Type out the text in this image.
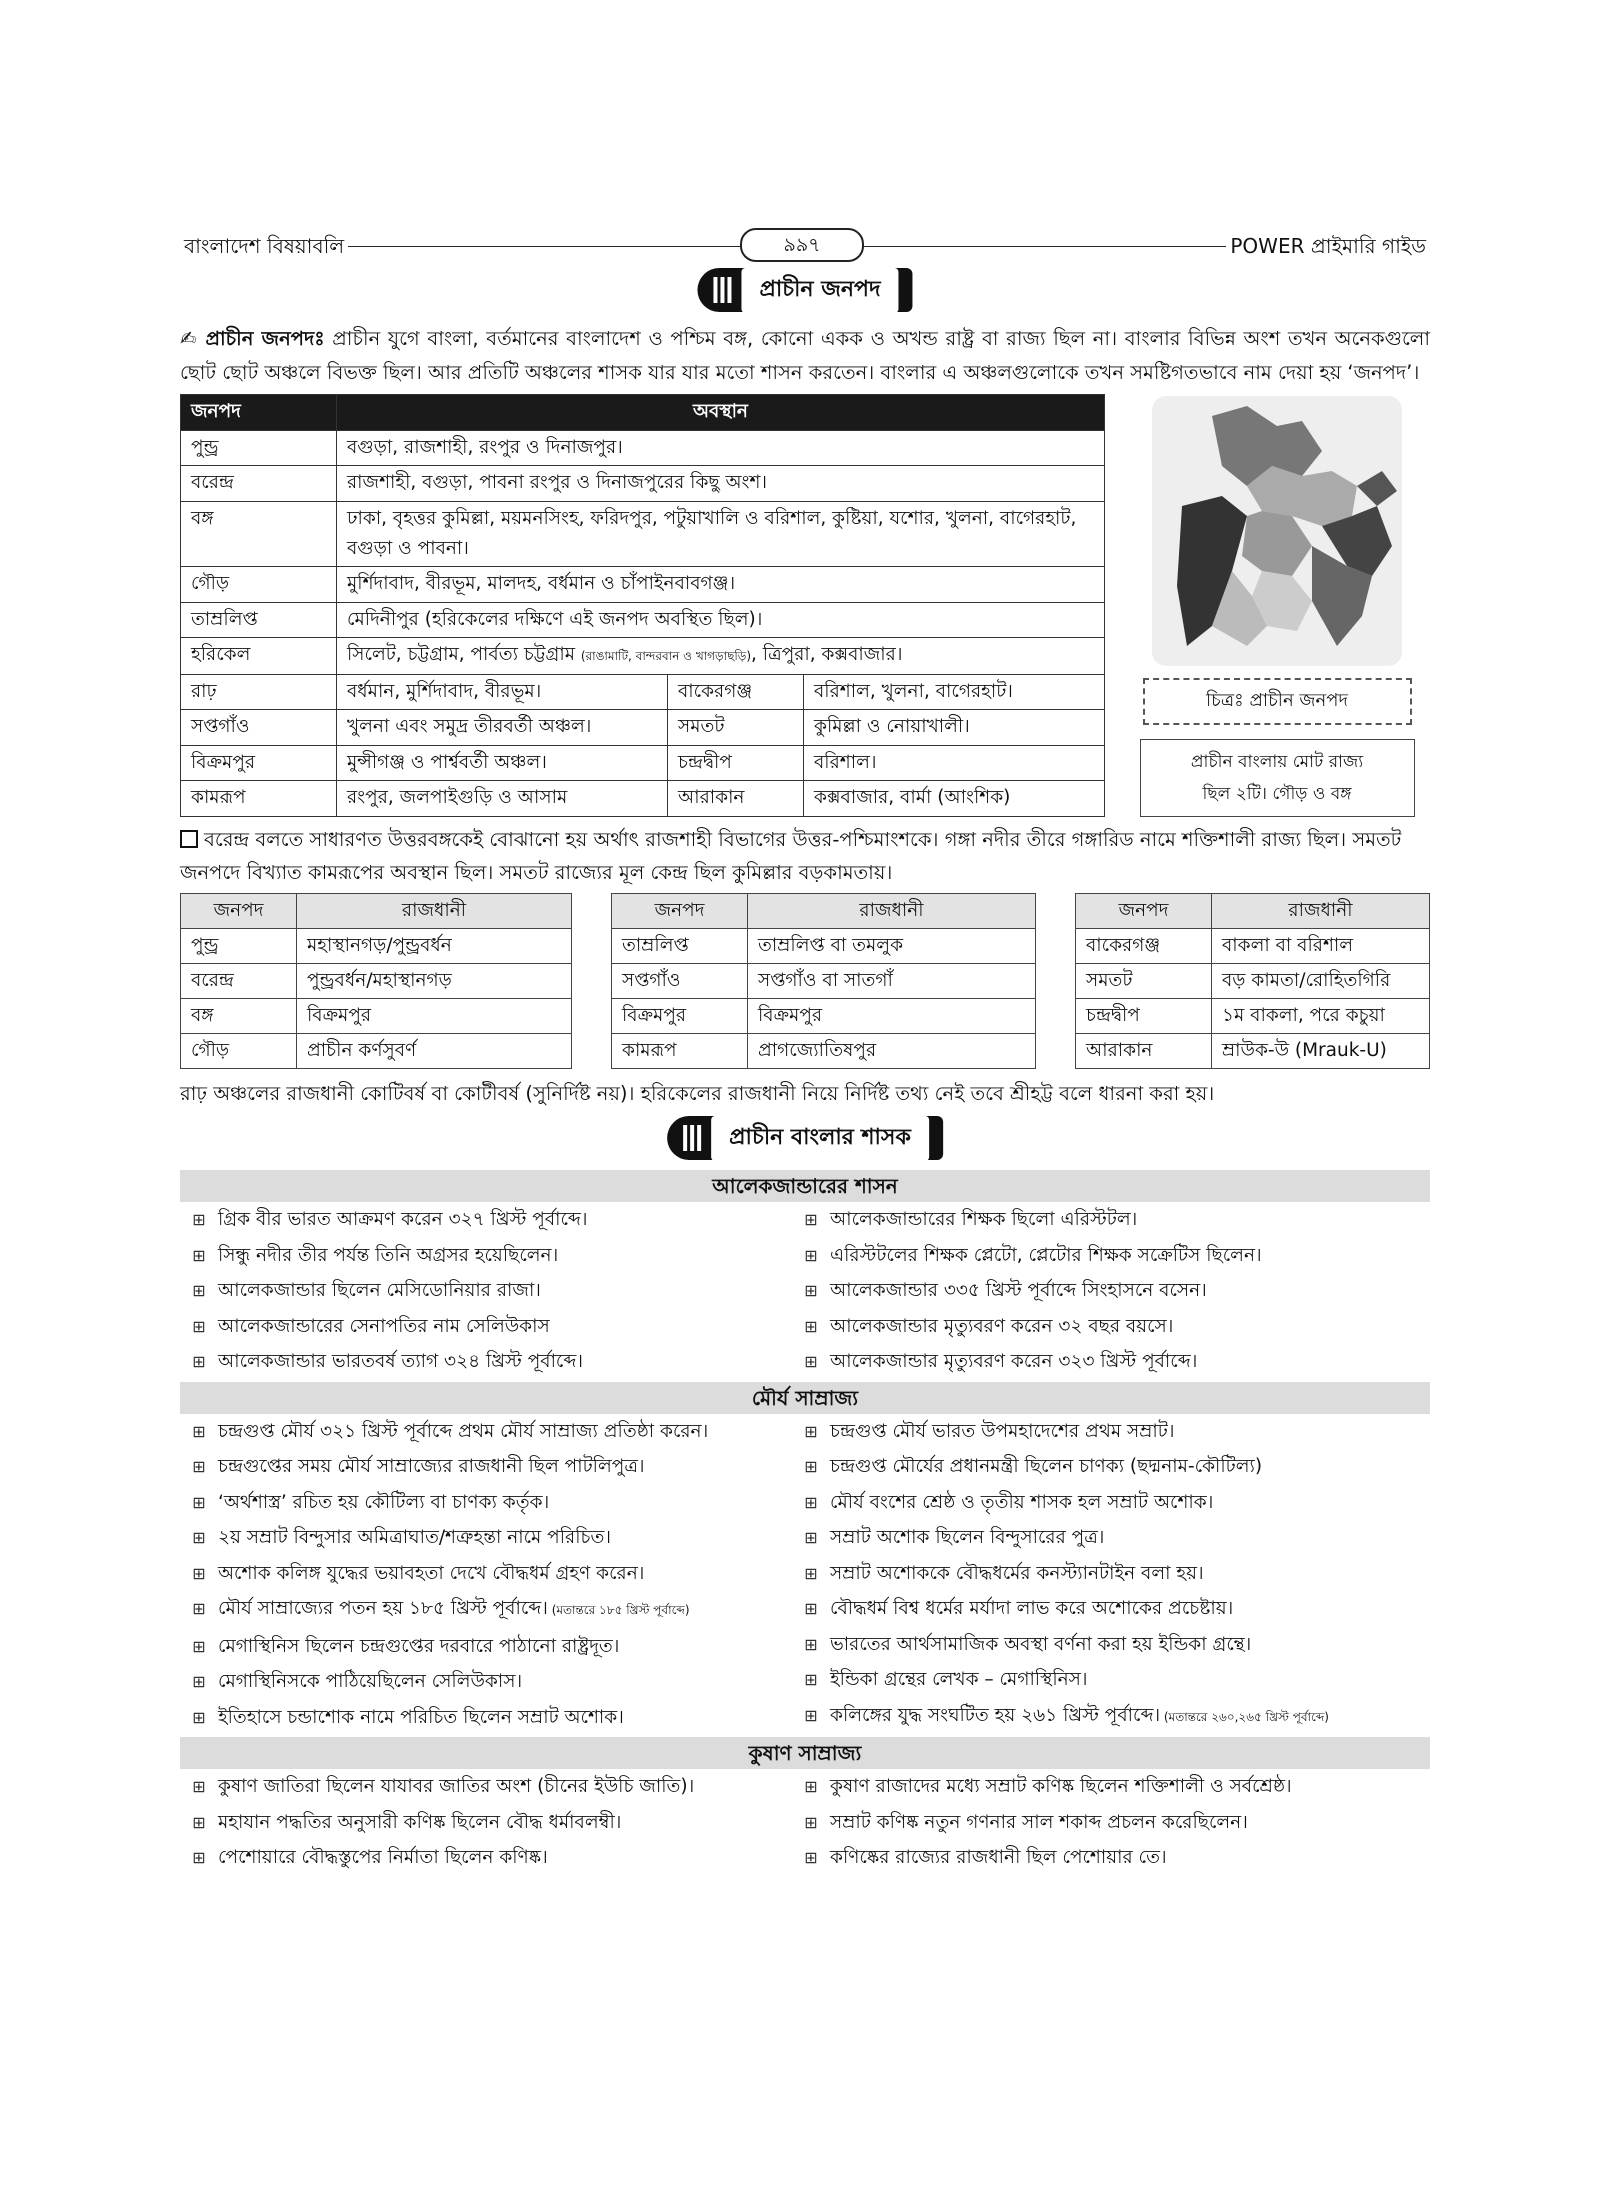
বাংলাদেশ বিষয়াবলি	৯৯৭	POWER প্রাইমারি গাইড
প্রাচীন জনপদ

✍ প্রাচীন জনপদঃ প্রাচীন যুগে বাংলা, বর্তমানের বাংলাদেশ ও পশ্চিম বঙ্গ, কোনো একক ও অখন্ড রাষ্ট্র বা রাজ্য ছিল না। বাংলার বিভিন্ন অংশ তখন অনেকগুলো ছোট ছোট অঞ্চলে বিভক্ত ছিল। আর প্রতিটি অঞ্চলের শাসক যার যার মতো শাসন করতেন। বাংলার এ অঞ্চলগুলোকে তখন সমষ্টিগতভাবে নাম দেয়া হয় ‘জনপদ’।

জনপদ	অবস্থান		
পুন্ড্র	বগুড়া, রাজশাহী, রংপুর ও দিনাজপুর।		
বরেন্দ্র	রাজশাহী, বগুড়া, পাবনা রংপুর ও দিনাজপুরের কিছু অংশ।		
বঙ্গ	ঢাকা, বৃহত্তর কুমিল্লা, ময়মনসিংহ, ফরিদপুর, পটুয়াখালি ও বরিশাল, কুষ্টিয়া, যশোর, খুলনা, বাগেরহাট, বগুড়া ও পাবনা।		
গৌড়	মুর্শিদাবাদ, বীরভূম, মালদহ, বর্ধমান ও চাঁপাইনবাবগঞ্জ।		
তাম্রলিপ্ত	মেদিনীপুর (হরিকেলের দক্ষিণে এই জনপদ অবস্থিত ছিল)।		
হরিকেল	সিলেট, চট্টগ্রাম, পার্বত্য চট্টগ্রাম (রাঙামাটি, বান্দরবান ও খাগড়াছড়ি), ত্রিপুরা, কক্সবাজার।		
রাঢ়	বর্ধমান, মুর্শিদাবাদ, বীরভূম।	বাকেরগঞ্জ	বরিশাল, খুলনা, বাগেরহাট।
সপ্তগাঁও	খুলনা এবং সমুদ্র তীরবর্তী অঞ্চল।	সমতট	কুমিল্লা ও নোয়াখালী।
বিক্রমপুর	মুন্সীগঞ্জ ও পার্শ্ববর্তী অঞ্চল।	চন্দ্রদ্বীপ	বরিশাল।
কামরূপ	রংপুর, জলপাইগুড়ি ও আসাম	আরাকান	কক্সবাজার, বার্মা (আংশিক)
চিত্রঃ প্রাচীন জনপদ
প্রাচীন বাংলায় মোট রাজ্য
ছিল ২টি। গৌড় ও বঙ্গ

বরেন্দ্র বলতে সাধারণত উত্তরবঙ্গকেই বোঝানো হয় অর্থাৎ রাজশাহী বিভাগের উত্তর-পশ্চিমাংশকে। গঙ্গা নদীর তীরে গঙ্গারিড নামে শক্তিশালী রাজ্য ছিল। সমতট জনপদে বিখ্যাত কামরূপের অবস্থান ছিল। সমতট রাজ্যের মূল কেন্দ্র ছিল কুমিল্লার বড়কামতায়।

জনপদ	রাজধানী
পুন্ড্র	মহাস্থানগড়/পুন্ড্রবর্ধন
বরেন্দ্র	পুন্ড্রবর্ধন/মহাস্থানগড়
বঙ্গ	বিক্রমপুর
গৌড়	প্রাচীন কর্ণসুবর্ণ
জনপদ	রাজধানী
তাম্রলিপ্ত	তাম্রলিপ্ত বা তমলুক
সপ্তগাঁও	সপ্তগাঁও বা সাতগাঁ
বিক্রমপুর	বিক্রমপুর
কামরূপ	প্রাগজ্যোতিষপুর
জনপদ	রাজধানী
বাকেরগঞ্জ	বাকলা বা বরিশাল
সমতট	বড় কামতা/রোহিতগিরি
চন্দ্রদ্বীপ	১ম বাকলা, পরে কচুয়া
আরাকান	ম্রাউক-উ (Mrauk-U)

রাঢ় অঞ্চলের রাজধানী কোটিবর্ষ বা কোটীবর্ষ (সুনির্দিষ্ট নয়)। হরিকেলের রাজধানী নিয়ে নির্দিষ্ট তথ্য নেই তবে শ্রীহট্ট বলে ধারনা করা হয়।

প্রাচীন বাংলার শাসক
আলেকজান্ডারের শাসন
⊞ গ্রিক বীর ভারত আক্রমণ করেন ৩২৭ খ্রিস্ট পূর্বাব্দে।
⊞ সিন্ধু নদীর তীর পর্যন্ত তিনি অগ্রসর হয়েছিলেন।
⊞ আলেকজান্ডার ছিলেন মেসিডোনিয়ার রাজা।
⊞ আলেকজান্ডারের সেনাপতির নাম সেলিউকাস
⊞ আলেকজান্ডার ভারতবর্ষ ত্যাগ ৩২৪ খ্রিস্ট পূর্বাব্দে।
⊞ আলেকজান্ডারের শিক্ষক ছিলো এরিস্টটল।
⊞ এরিস্টটলের শিক্ষক প্লেটো, প্লেটোর শিক্ষক সক্রেটিস ছিলেন।
⊞ আলেকজান্ডার ৩৩৫ খ্রিস্ট পূর্বাব্দে সিংহাসনে বসেন।
⊞ আলেকজান্ডার মৃত্যুবরণ করেন ৩২ বছর বয়সে।
⊞ আলেকজান্ডার মৃত্যুবরণ করেন ৩২৩ খ্রিস্ট পূর্বাব্দে।
মৌর্য সাম্রাজ্য
⊞ চন্দ্রগুপ্ত মৌর্য ৩২১ খ্রিস্ট পূর্বাব্দে প্রথম মৌর্য সাম্রাজ্য প্রতিষ্ঠা করেন।
⊞ চন্দ্রগুপ্তের সময় মৌর্য সাম্রাজ্যের রাজধানী ছিল পাটলিপুত্র।
⊞ ‘অর্থশাস্ত্র’ রচিত হয় কৌটিল্য বা চাণক্য কর্তৃক।
⊞ ২য় সম্রাট বিন্দুসার অমিত্রাঘাত/শত্রুহন্তা নামে পরিচিত।
⊞ অশোক কলিঙ্গ যুদ্ধের ভয়াবহতা দেখে বৌদ্ধধর্ম গ্রহণ করেন।
⊞ মৌর্য সাম্রাজ্যের পতন হয় ১৮৫ খ্রিস্ট পূর্বাব্দে। (মতান্তরে ১৮৫ খ্রিস্ট পূর্বাব্দে)
⊞ মেগাস্থিনিস ছিলেন চন্দ্রগুপ্তের দরবারে পাঠানো রাষ্ট্রদূত।
⊞ মেগাস্থিনিসকে পাঠিয়েছিলেন সেলিউকাস।
⊞ ইতিহাসে চন্ডাশোক নামে পরিচিত ছিলেন সম্রাট অশোক।
⊞ চন্দ্রগুপ্ত মৌর্য ভারত উপমহাদেশের প্রথম সম্রাট।
⊞ চন্দ্রগুপ্ত মৌর্যের প্রধানমন্ত্রী ছিলেন চাণক্য (ছদ্মনাম-কৌটিল্য)
⊞ মৌর্য বংশের শ্রেষ্ঠ ও তৃতীয় শাসক হল সম্রাট অশোক।
⊞ সম্রাট অশোক ছিলেন বিন্দুসারের পুত্র।
⊞ সম্রাট অশোককে বৌদ্ধধর্মের কনস্ট্যানটাইন বলা হয়।
⊞ বৌদ্ধধর্ম বিশ্ব ধর্মের মর্যাদা লাভ করে অশোকের প্রচেষ্টায়।
⊞ ভারতের আর্থসামাজিক অবস্থা বর্ণনা করা হয় ইন্ডিকা গ্রন্থে।
⊞ ইন্ডিকা গ্রন্থের লেখক – মেগাস্থিনিস।
⊞ কলিঙ্গের যুদ্ধ সংঘটিত হয় ২৬১ খ্রিস্ট পূর্বাব্দে। (মতান্তরে ২৬০,২৬৫ খ্রিস্ট পূর্বাব্দে)
কুষাণ সাম্রাজ্য
⊞ কুষাণ জাতিরা ছিলেন যাযাবর জাতির অংশ (চীনের ইউচি জাতি)।
⊞ মহাযান পদ্ধতির অনুসারী কণিষ্ক ছিলেন বৌদ্ধ ধর্মাবলম্বী।
⊞ পেশোয়ারে বৌদ্ধস্তুপের নির্মাতা ছিলেন কণিষ্ক।
⊞ কুষাণ রাজাদের মধ্যে সম্রাট কণিষ্ক ছিলেন শক্তিশালী ও সর্বশ্রেষ্ঠ।
⊞ সম্রাট কণিষ্ক নতুন গণনার সাল শকাব্দ প্রচলন করেছিলেন।
⊞ কণিষ্কের রাজ্যের রাজধানী ছিল পেশোয়ার তে।
